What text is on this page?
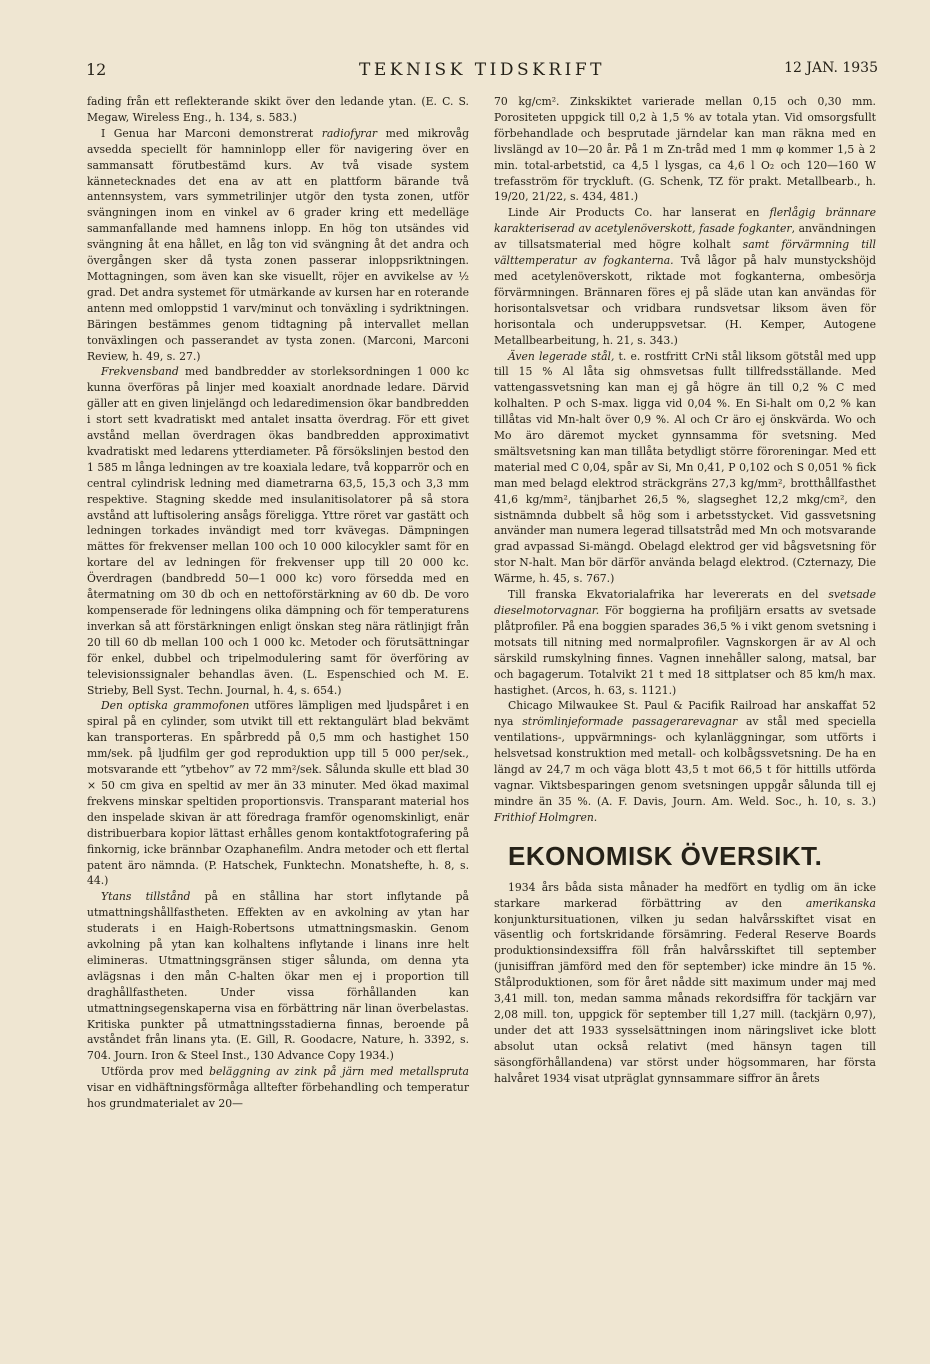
12	TEKNISK TIDSKRIFT	12 JAN. 1935

fading från ett reflekterande skikt över den ledande ytan. (E. C. S. Megaw, Wireless Eng., h. 134, s. 583.)

I Genua har Marconi demonstrerat radiofyrar med mikrovåg avsedda speciellt för hamninlopp eller för navigering över en sammansatt förutbestämd kurs. Av två visade system kännetecknades det ena av att en plattform bärande två antennsystem, vars symmetrilinjer utgör den tysta zonen, utför svängningen inom en vinkel av 6 grader kring ett medelläge sammanfallande med hamnens inlopp. En hög ton utsändes vid svängning åt ena hållet, en låg ton vid svängning åt det andra och övergången sker då tysta zonen passerar inloppsriktningen. Mottagningen, som även kan ske visuellt, röjer en avvikelse av ½ grad. Det andra systemet för utmärkande av kursen har en roterande antenn med omloppstid 1 varv/minut och tonväxling i sydriktningen. Bäringen bestämmes genom tidtagning på intervallet mellan tonväxlingen och passerandet av tysta zonen. (Marconi, Marconi Review, h. 49, s. 27.)

Frekvensband med bandbredder av storleksordningen 1 000 kc kunna överföras på linjer med koaxialt anordnade ledare. Därvid gäller att en given linjelängd och ledaredimension ökar bandbredden i stort sett kvadratiskt med antalet insatta överdrag. För ett givet avstånd mellan överdragen ökas bandbredden approximativt kvadratiskt med ledarens ytterdiameter. På försökslinjen bestod den 1 585 m långa ledningen av tre koaxiala ledare, två kopparrör och en central cylindrisk ledning med diametrarna 63,5, 15,3 och 3,3 mm respektive. Stagning skedde med insulanitisolatorer på så stora avstånd att luftisolering ansågs föreligga. Yttre röret var gastätt och ledningen torkades invändigt med torr kvävegas. Dämpningen mättes för frekvenser mellan 100 och 10 000 kilocykler samt för en kortare del av ledningen för frekvenser upp till 20 000 kc. Överdragen (bandbredd 50—1 000 kc) voro försedda med en återmatning om 30 db och en nettoförstärkning av 60 db. De voro kompenserade för ledningens olika dämpning och för temperaturens inverkan så att förstärkningen enligt önskan steg nära rätlinjigt från 20 till 60 db mellan 100 och 1 000 kc. Metoder och förutsättningar för enkel, dubbel och tripelmodulering samt för överföring av televisionssignaler behandlas även. (L. Espenschied och M. E. Strieby, Bell Syst. Techn. Journal, h. 4, s. 654.)

Den optiska grammofonen utföres lämpligen med ljudspåret i en spiral på en cylinder, som utvikt till ett rektangulärt blad bekvämt kan transporteras. En spårbredd på 0,5 mm och hastighet 150 mm/sek. på ljudfilm ger god reproduktion upp till 5 000 per/sek., motsvarande ett ”ytbehov” av 72 mm²/sek. Sålunda skulle ett blad 30 × 50 cm giva en speltid av mer än 33 minuter. Med ökad maximal frekvens minskar speltiden proportionsvis. Transparant material hos den inspelade skivan är att föredraga framför ogenomskinligt, enär distribuerbara kopior lättast erhålles genom kontaktfotografering på finkornig, icke brännbar Ozaphanefilm. Andra metoder och ett flertal patent äro nämnda. (P. Hatschek, Funktechn. Monatshefte, h. 8, s. 44.)

Ytans tillstånd på en stållina har stort inflytande på utmattningshållfastheten. Effekten av en avkolning av ytan har studerats i en Haigh-Robertsons utmattningsmaskin. Genom avkolning på ytan kan kolhaltens inflytande i linans inre helt elimineras. Utmattningsgränsen stiger sålunda, om denna yta avlägsnas i den mån C-halten ökar men ej i proportion till draghållfastheten. Under vissa förhållanden kan utmattningsegenskaperna visa en förbättring när linan överbelastas. Kritiska punkter på utmattningsstadierna finnas, beroende på avståndet från linans yta. (E. Gill, R. Goodacre, Nature, h. 3392, s. 704. Journ. Iron & Steel Inst., 130 Advance Copy 1934.)

Utförda prov med beläggning av zink på järn med metallspruta visar en vidhäftningsförmåga alltefter förbehandling och temperatur hos grundmaterialet av 20—

70 kg/cm². Zinkskiktet varierade mellan 0,15 och 0,30 mm. Porositeten uppgick till 0,2 à 1,5 % av totala ytan. Vid omsorgsfullt förbehandlade och besprutade järndelar kan man räkna med en livslängd av 10—20 år. På 1 m Zn-tråd med 1 mm φ kommer 1,5 à 2 min. total-arbetstid, ca 4,5 l lysgas, ca 4,6 l O₂ och 120—160 W trefasström för tryckluft. (G. Schenk, TZ för prakt. Metallbearb., h. 19/20, 21/22, s. 434, 481.)

Linde Air Products Co. har lanserat en flerlågig brännare karakteriserad av acetylenöverskott, fasade fogkanter, användningen av tillsatsmaterial med högre kolhalt samt förvärmning till välttemperatur av fogkanterna. Två lågor på halv munstyckshöjd med acetylenöverskott, riktade mot fogkanterna, ombesörja förvärmningen. Brännaren föres ej på släde utan kan användas för horisontalsvetsar och vridbara rundsvetsar liksom även för horisontala och underuppsvetsar. (H. Kemper, Autogene Metallbearbeitung, h. 21, s. 343.)

Även legerade stål, t. e. rostfritt CrNi stål liksom götstål med upp till 15 % Al låta sig ohmsvetsas fullt tillfredsställande. Med vattengassvetsning kan man ej gå högre än till 0,2 % C med kolhalten. P och S-max. ligga vid 0,04 %. En Si-halt om 0,2 % kan tillåtas vid Mn-halt över 0,9 %. Al och Cr äro ej önskvärda. Wo och Mo äro däremot mycket gynnsamma för svetsning. Med smältsvetsning kan man tillåta betydligt större föroreningar. Med ett material med C 0,04, spår av Si, Mn 0,41, P 0,102 och S 0,051 % fick man med belagd elektrod sträckgräns 27,3 kg/mm², brotthållfasthet 41,6 kg/mm², tänjbarhet 26,5 %, slagseghet 12,2 mkg/cm², den sistnämnda dubbelt så hög som i arbetsstycket. Vid gassvetsning använder man numera legerad tillsatstråd med Mn och motsvarande grad avpassad Si-mängd. Obelagd elektrod ger vid bågsvetsning för stor N-halt. Man bör därför använda belagd elektrod. (Czternazy, Die Wärme, h. 45, s. 767.)

Till franska Ekvatorialafrika har levererats en del svetsade dieselmotorvagnar. För boggierna ha profiljärn ersatts av svetsade plåtprofiler. På ena boggien sparades 36,5 % i vikt genom svetsning i motsats till nitning med normalprofiler. Vagnskorgen är av Al och särskild rumskylning finnes. Vagnen innehåller salong, matsal, bar och bagagerum. Totalvikt 21 t med 18 sittplatser och 85 km/h max. hastighet. (Arcos, h. 63, s. 1121.)

Chicago Milwaukee St. Paul & Pacifik Railroad har anskaffat 52 nya strömlinjeformade passagerarevagnar av stål med speciella ventilations-, uppvärmnings- och kylanläggningar, som utförts i helsvetsad konstruktion med metall- och kolbågssvetsning. De ha en längd av 24,7 m och väga blott 43,5 t mot 66,5 t för hittills utförda vagnar. Viktsbesparingen genom svetsningen uppgår sålunda till ej mindre än 35 %. (A. F. Davis, Journ. Am. Weld. Soc., h. 10, s. 3.) Frithiof Holmgren.

EKONOMISK ÖVERSIKT.

1934 års båda sista månader ha medfört en tydlig om än icke starkare markerad förbättring av den amerikanska konjunktursituationen, vilken ju sedan halvårsskiftet visat en väsentlig och fortskridande försämring. Federal Reserve Boards produktionsindexsiffra föll från halvårsskiftet till september (junisiffran jämförd med den för september) icke mindre än 15 %. Stålproduktionen, som för året nådde sitt maximum under maj med 3,41 mill. ton, medan samma månads rekordsiffra för tackjärn var 2,08 mill. ton, uppgick för september till 1,27 mill. (tackjärn 0,97), under det att 1933 sysselsättningen inom näringslivet icke blott absolut utan också relativt (med hänsyn tagen till säsongförhållandena) var störst under högsommaren, har första halvåret 1934 visat utpräglat gynnsammare siffror än årets
